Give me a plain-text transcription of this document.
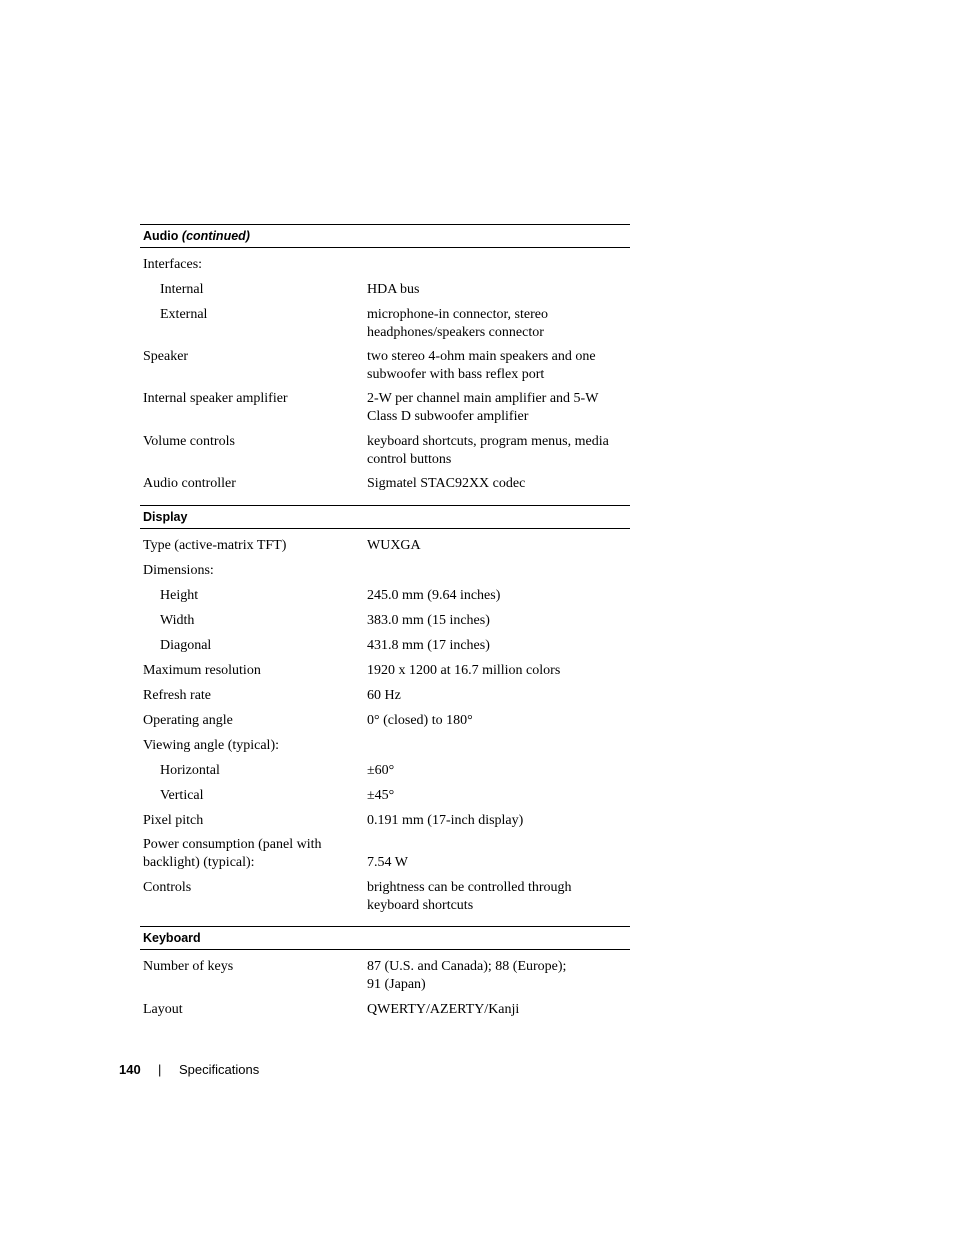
Audio (continued)
Interfaces:
Internal	HDA bus
External	microphone-in connector, stereo
headphones/speakers connector
Speaker	two stereo 4-ohm main speakers and one
subwoofer with bass reflex port
Internal speaker amplifier	2-W per channel main amplifier and 5-W
Class D subwoofer amplifier
Volume controls	keyboard shortcuts, program menus, media
control buttons
Audio controller	Sigmatel STAC92XX codec
Display
Type (active-matrix TFT)	WUXGA
Dimensions:
Height	245.0 mm (9.64 inches)
Width	383.0 mm (15 inches)
Diagonal	431.8 mm (17 inches)
Maximum resolution	1920 x 1200 at 16.7 million colors
Refresh rate	60 Hz
Operating angle	0° (closed) to 180°
Viewing angle (typical):
Horizontal	±60°
Vertical	±45°
Pixel pitch	0.191 mm (17-inch display)
Power consumption (panel with
backlight) (typical):	7.54 W
Controls	brightness can be controlled through
keyboard shortcuts
Keyboard
Number of keys	87 (U.S. and Canada); 88 (Europe);
91 (Japan)
Layout	QWERTY/AZERTY/Kanji
140 | Specifications
